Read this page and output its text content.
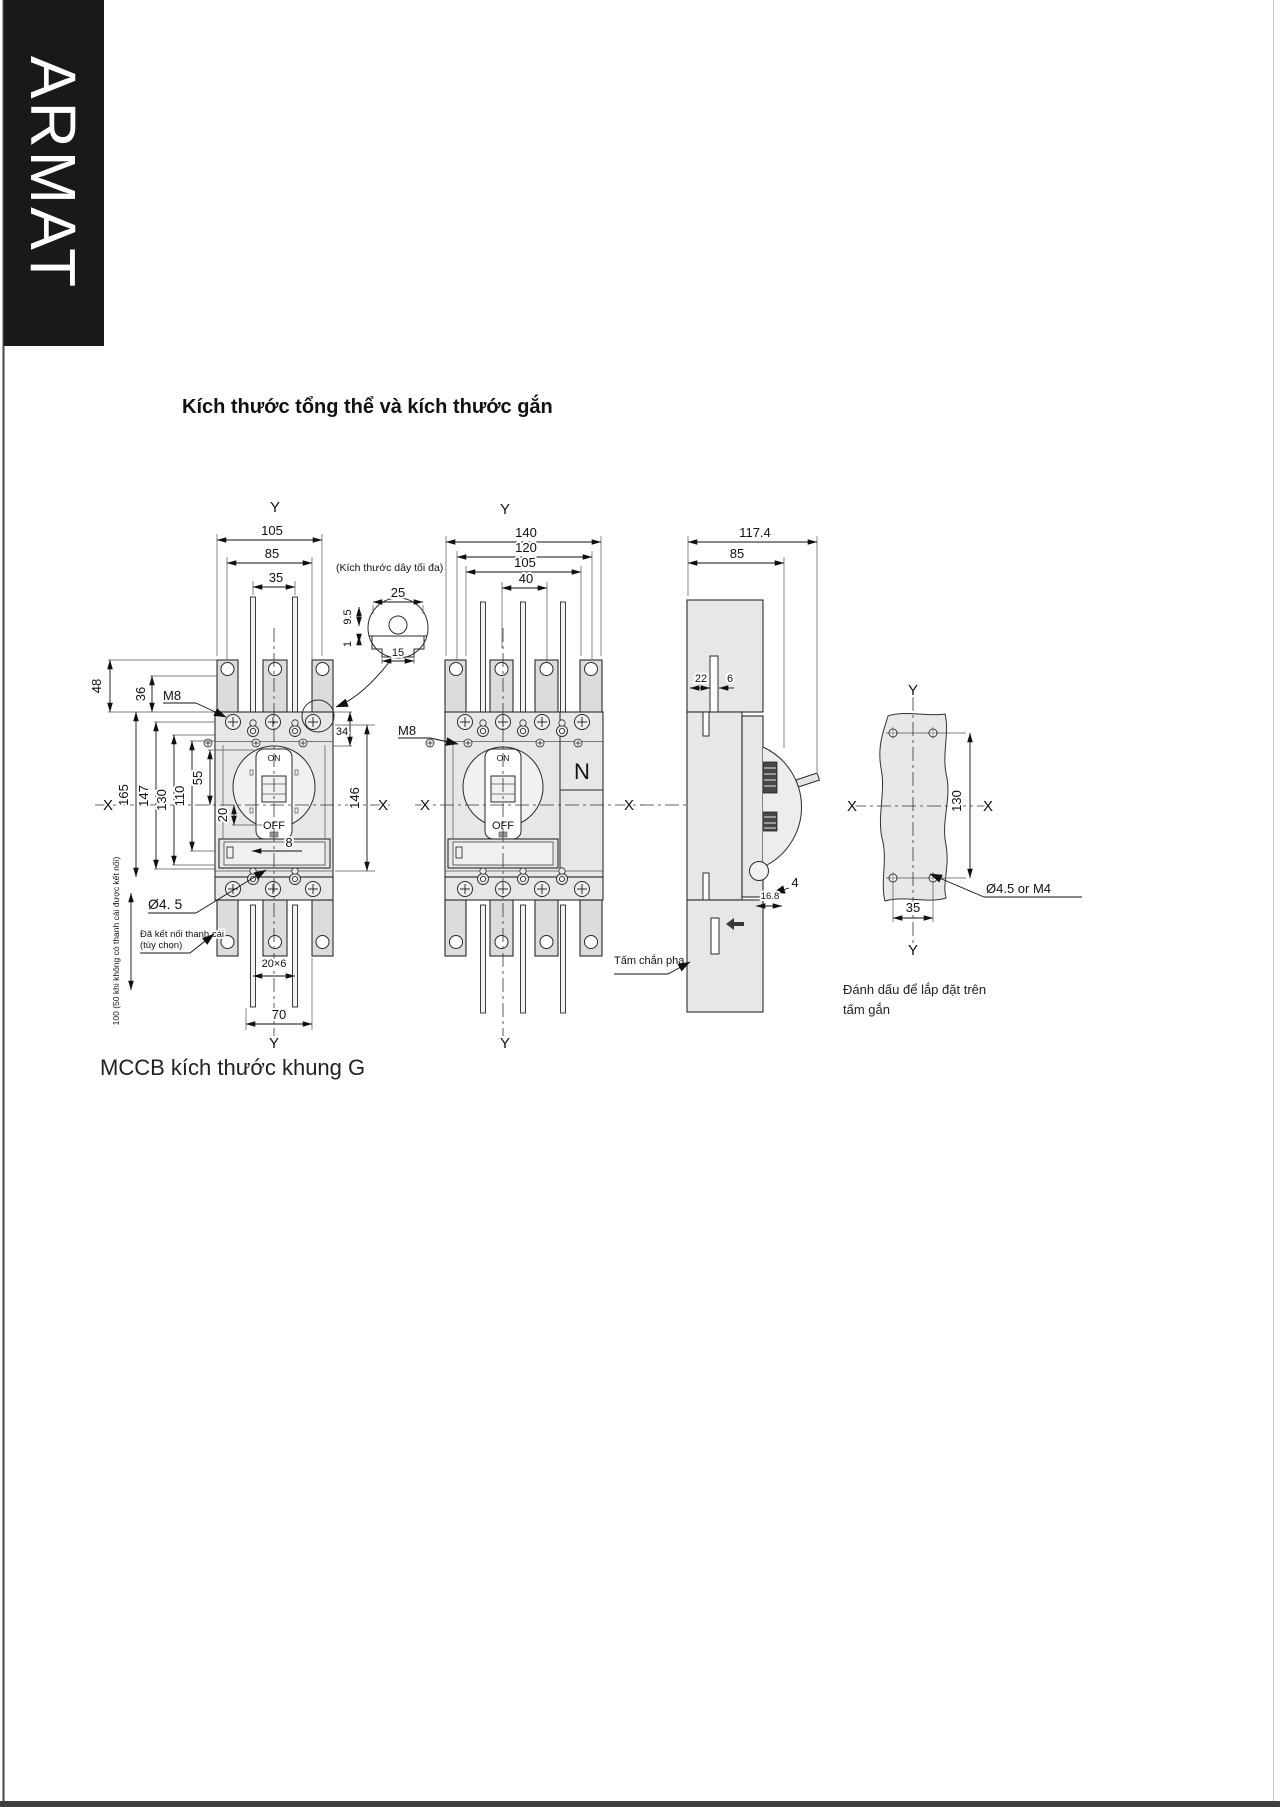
ARMAT
Kích thước tổng thể và kích thước gắn
ON
OFF
X	X
Y
Y
105
85
35
48
36
165 147 130 110
55
20
8
34
146
M8
Ø4. 5
Đã kết nối thanh cái
(tùy chọn)
100 (50 khi không có thanh cái được kết nối)	20×6
70
(Kích thước dây tối đa)
25
9.5
1
15
N
ON
OFF
X	X
Y
Y
140
120
105
40
M8
117.4
85
22 6
4
16.8
Tấm chắn pha
Y
Y
X	X
130
35
Ø4.5 or M4
Đánh dấu để lắp đặt trên
tấm gắn
MCCB kích thước khung G
